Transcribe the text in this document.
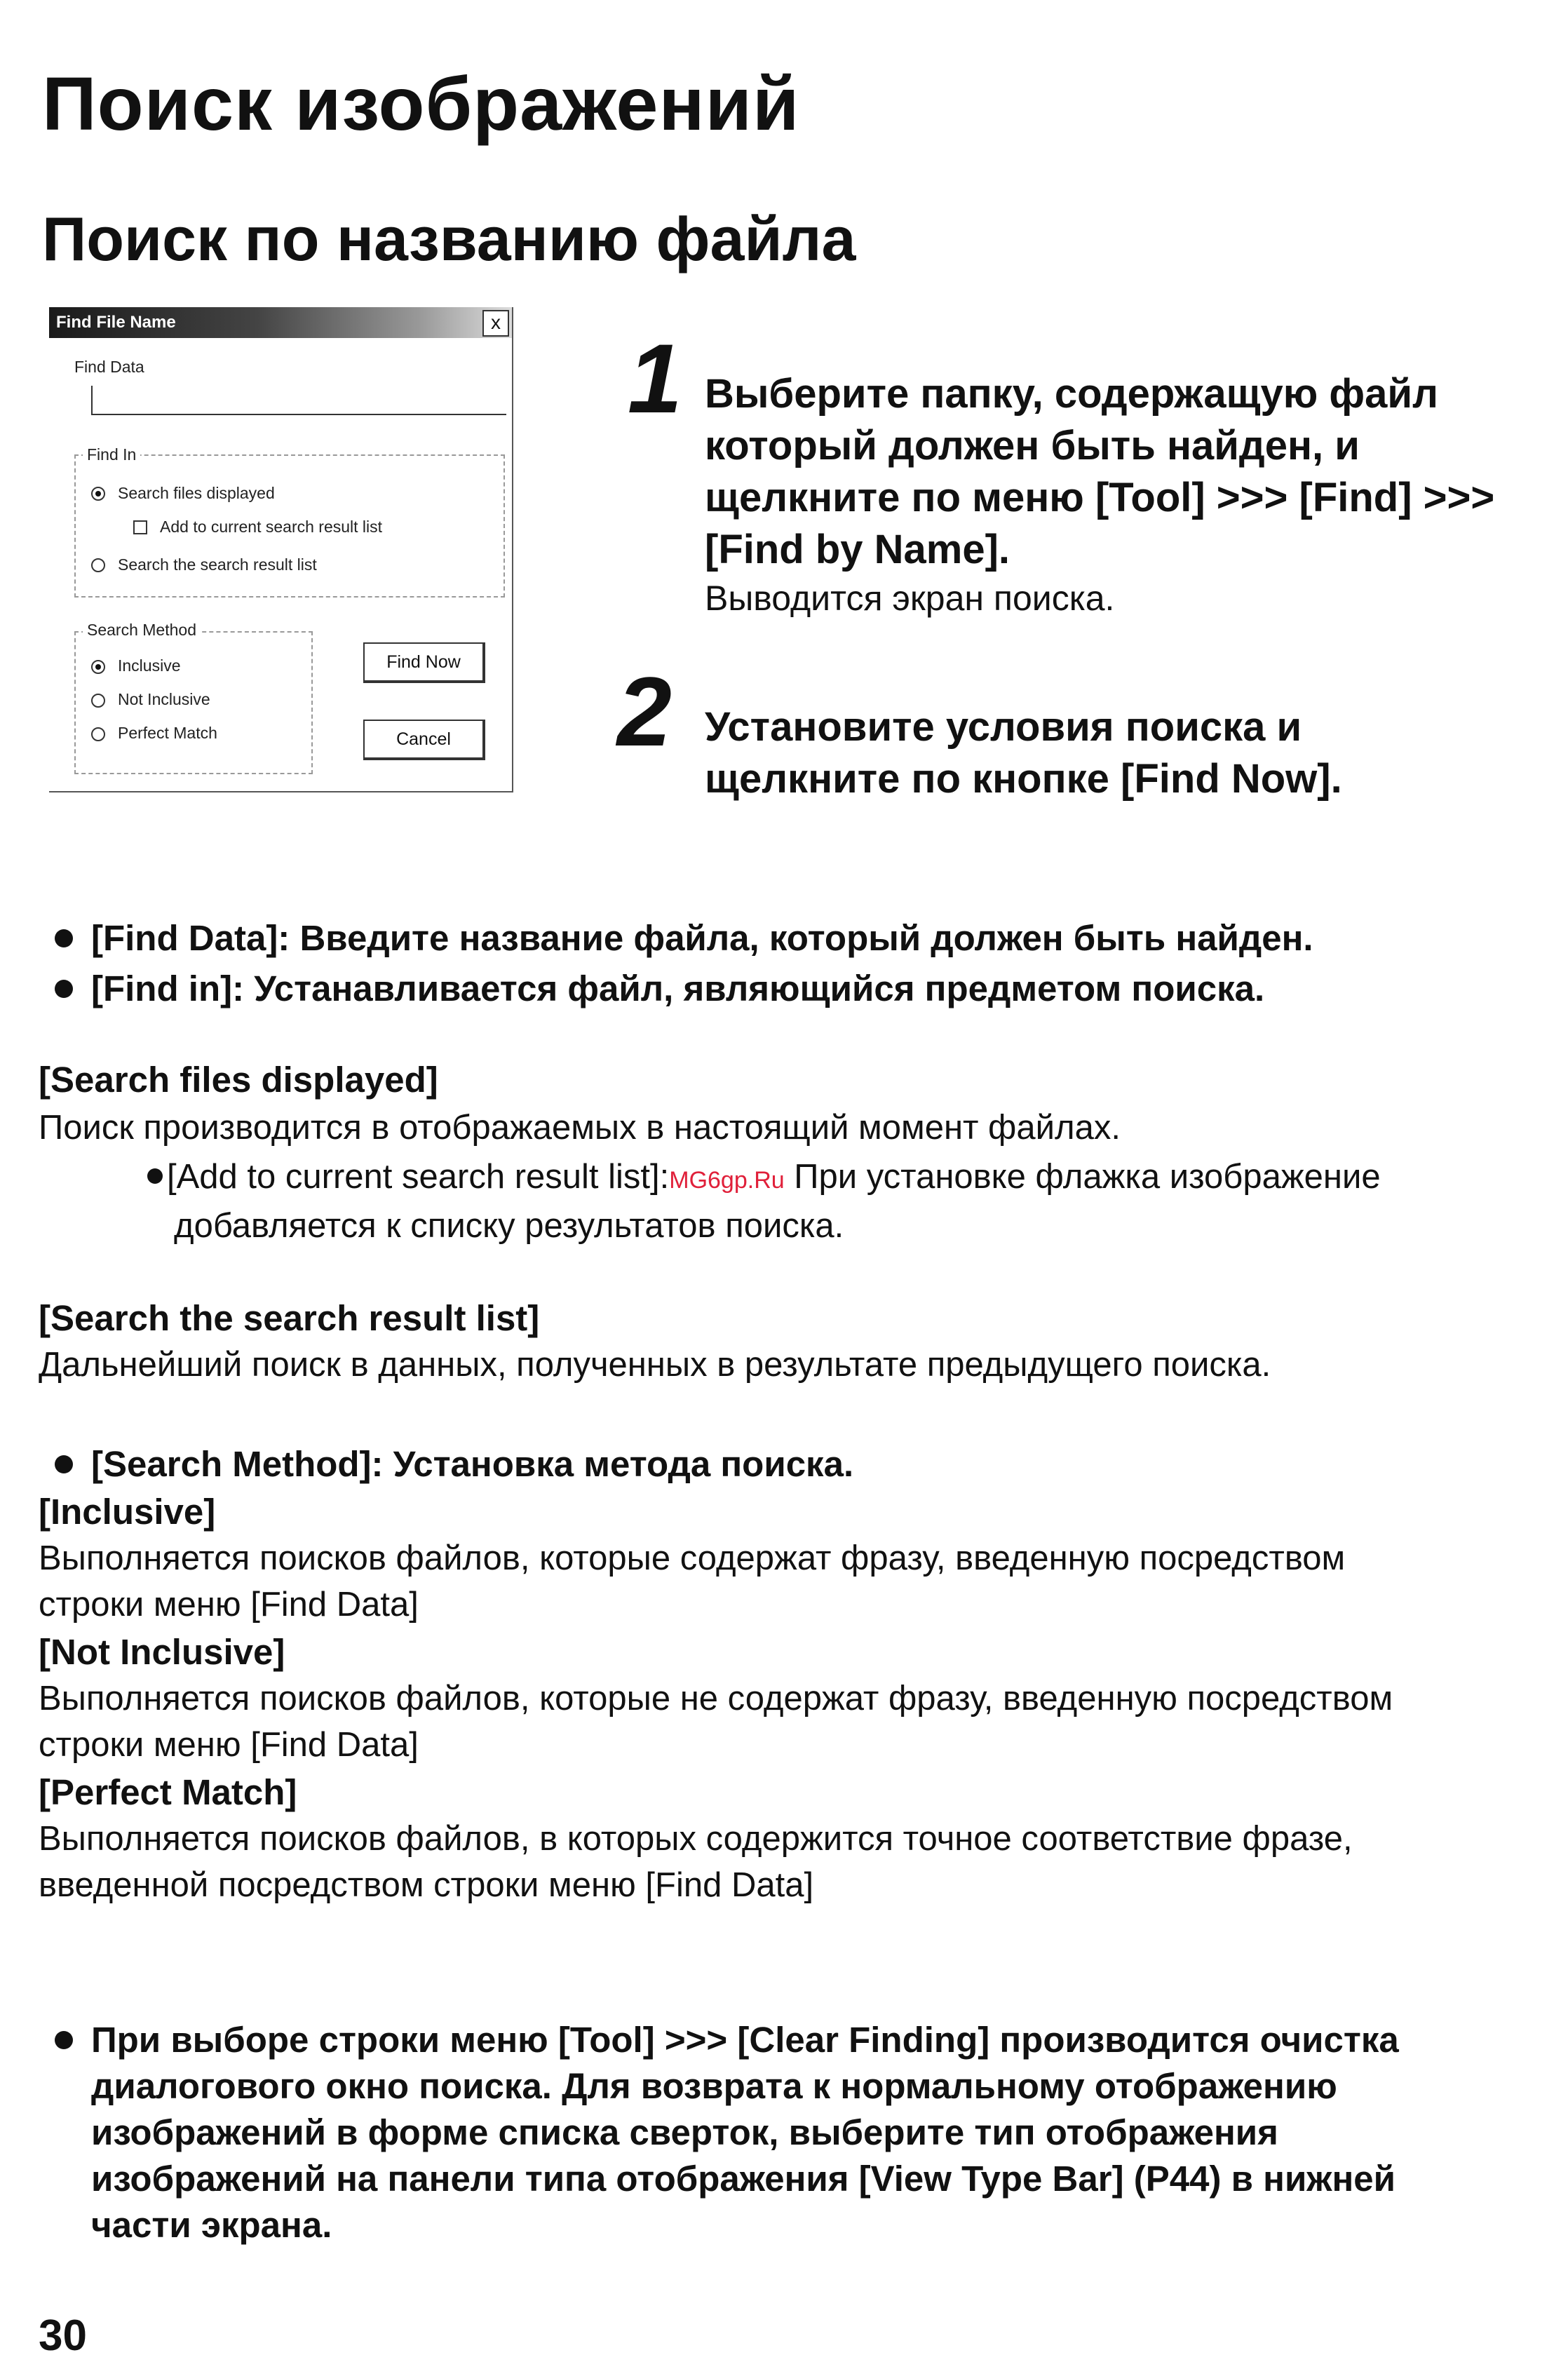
Поиск изображений
Поиск по названию файла
Find File Name	x
Find Data
Find In
Search files displayed
Add to current search result list
Search the search result list
Search Method
Inclusive
Not Inclusive
Perfect Match
Find Now
Cancel
1 Выберите папку, содержащую файл
который должен быть найден, и
щелкните по меню [Tool] >>> [Find] >>>
[Find by Name].
Выводится экран поиска.
2 Установите условия поиска и
щелкните по кнопке [Find Now].
[Find Data]: Введите название файла, который должен быть найден.
[Find in]: Устанавливается файл, являющийся предметом поиска.
[Search files displayed]
Поиск производится в отображаемых в настоящий момент файлах.
[Add to current search result list]:MG6gp.Ru При установке флажка изображение
добавляется к списку результатов поиска.
[Search the search result list]
Дальнейший поиск в данных, полученных в результате предыдущего поиска.
[Search Method]: Установка метода поиска.
[Inclusive]
Выполняется поисков файлов, которые содержат фразу, введенную посредством
строки меню [Find Data]
[Not Inclusive]
Выполняется поисков файлов, которые не содержат фразу, введенную посредством
строки меню [Find Data]
[Perfect Match]
Выполняется поисков файлов, в которых содержится точное соответствие фразе,
введенной посредством строки меню [Find Data]
При выборе строки меню [Tool] >>> [Clear Finding] производится очистка
диалогового окно поиска. Для возврата к нормальному отображению
изображений в форме списка сверток, выберите тип отображения
изображений на панели типа отображения [View Type Bar] (P44) в нижней
части экрана.
30
